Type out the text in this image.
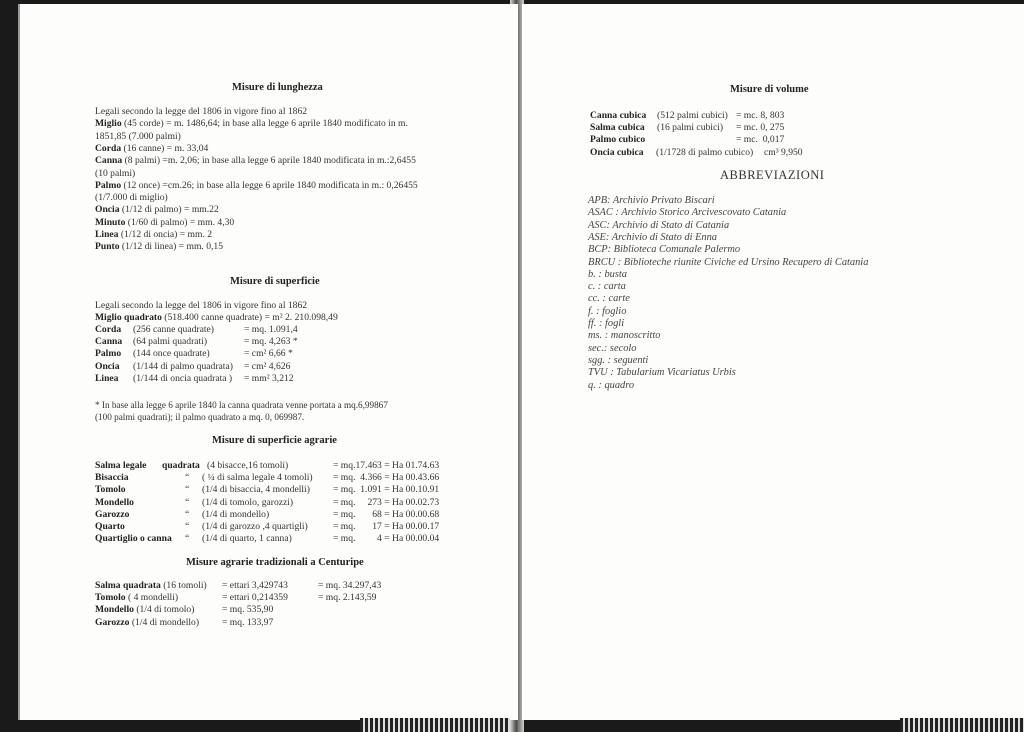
Misure di lunghezza
Legali secondo la legge del 1806 in vigore fino al 1862
Miglio (45 corde) = m. 1486,64; in base alla legge 6 aprile 1840 modificato in m.
1851,85 (7.000 palmi)
Corda (16 canne) = m. 33,04
Canna (8 palmi) =m. 2,06; in base alla legge 6 aprile 1840 modificata in m.:2,6455
(10 palmi)
Palmo (12 once) =cm.26; in base alla legge 6 aprile 1840 modificata in m.: 0,26455
(1/7.000 di miglio)
Oncia (1/12 di palmo) = mm.22
Minuto (1/60 di palmo) = mm. 4,30
Linea (1/12 di oncia) = mm. 2
Punto (1/12 di linea) = mm. 0,15
Misure di superficie
Legali secondo la legge del 1806 in vigore fino al 1862
Miglio quadrato (518.400 canne quadrate) = m² 2. 210.098,49
Corda (256 canne quadrate)	= mq. 1.091,4
Canna (64 palmi quadrati)	= mq. 4,263 *
Palmo (144 once quadrate)	= cm² 6,66 *
Oncia (1/144 di palmo quadrata) = cm² 4,626
Linea (1/144 di oncia quadrata ) = mm² 3,212
* In base alla legge 6 aprile 1840 la canna quadrata venne portata a mq.6,99867
(100 palmi quadrati); il palmo quadrato a mq. 0, 069987.
Misure di superficie agrarie
Salma legale quadrata (4 bisacce,16 tomoli)	= mq.17.463 = Ha 01.74.63
Bisaccia	“ ( ¼ di salma legale 4 tomoli) = mq.  4.366 = Ha 00.43.66
Tomolo	“ (1/4 di bisaccia, 4 mondelli) = mq.  1.091 = Ha 00.10.91
Mondello	“ (1/4 di tomolo, garozzi)	= mq.     273 = Ha 00.02.73
Garozzo	“ (1/4 di mondello)	= mq.       68 = Ha 00.00.68
Quarto	“ (1/4 di garozzo ,4 quartigli)	= mq.       17 = Ha 00.00.17
Quartiglio o canna “ (1/4 di quarto, 1 canna)	= mq.         4 = Ha 00.00.04
Misure agrarie tradizionali a Centuripe
Salma quadrata (16 tomoli) = ettari 3,429743	= mq. 34.297,43
Tomolo ( 4 mondelli)	= ettari 0,214359	= mq. 2.143,59
Mondello (1/4 di tomolo)	= mq. 535,90
Garozzo (1/4 di mondello) = mq. 133,97
Misure di volume
Canna cubica (512 palmi cubici) = mc. 8, 803
Salma cubica (16 palmi cubici) = mc. 0, 275
Palmo cubico	= mc.  0,017
Oncia cubica (1/1728 di palmo cubico) cm³ 9,950
ABBREVIAZIONI
APB: Archivio Privato Biscari
ASAC : Archivio Storico Arcivescovato Catania
ASC: Archivio di Stato di Catania
ASE: Archivio di Stato di Enna
BCP: Biblioteca Comunale Palermo
BRCU : Biblioteche riunite Civiche ed Ursino Recupero di Catania
b. : busta
c. : carta
cc. : carte
f. : foglio
ff. : fogli
ms. : manoscritto
sec.: secolo
sgg. : seguenti
TVU : Tabularium Vicariatus Urbis
q. : quadro
